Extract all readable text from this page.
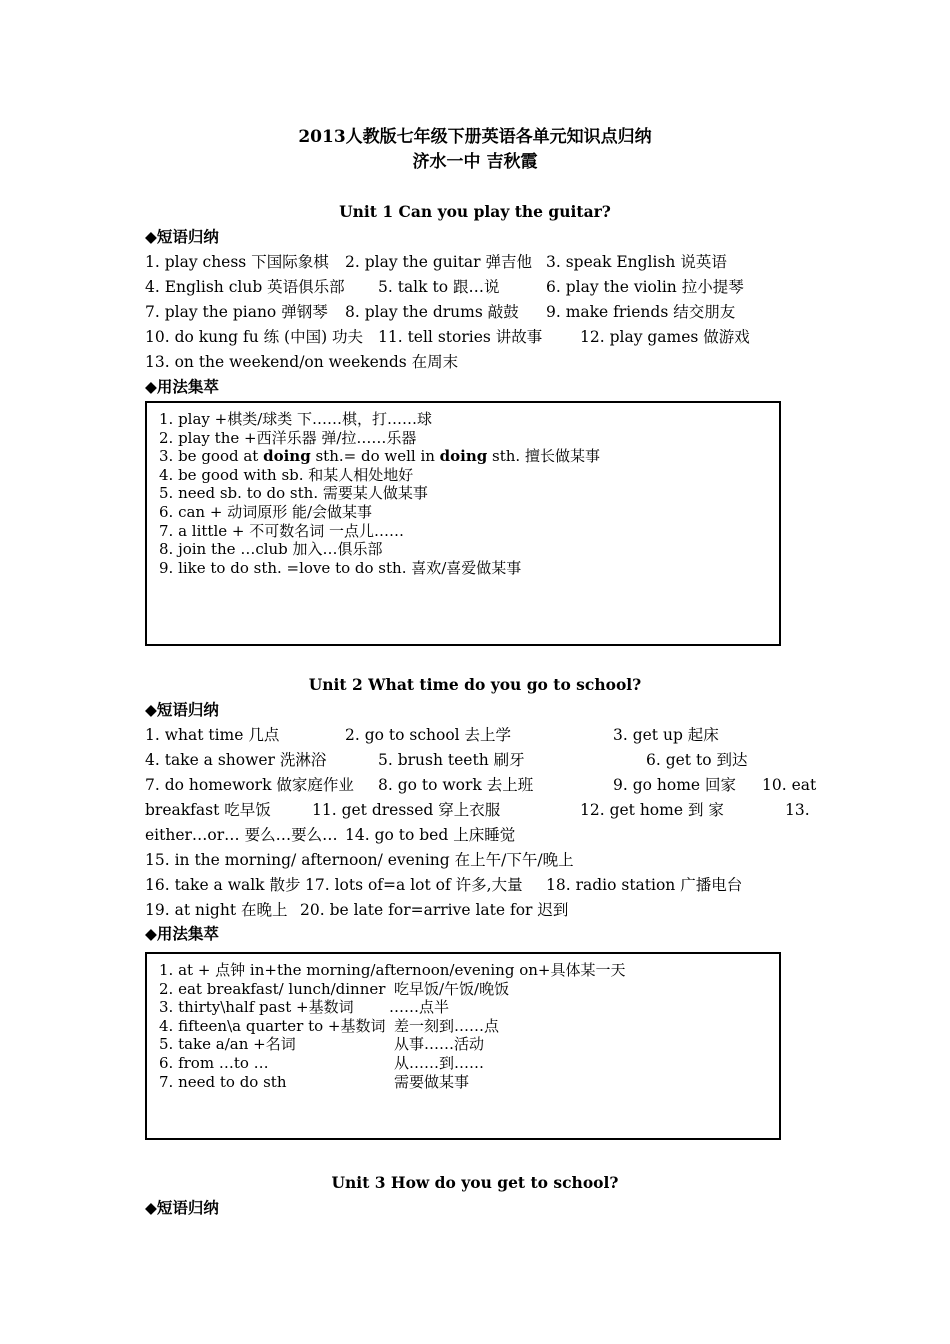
2013人教版七年级下册英语各单元知识点归纳
济水一中 吉秋霞
Unit 1 Can you play the guitar?
◆短语归纳
1. play chess 下国际象棋 2. play the guitar 弹吉他 3. speak English 说英语
4. English club 英语俱乐部 5. talk to 跟…说	6. play the violin 拉小提琴
7. play the piano 弹钢琴 8. play the drums 敲鼓 9. make friends 结交朋友
10. do kung fu 练 (中国) 功夫 11. tell stories 讲故事 12. play games 做游戏
13. on the weekend/on weekends 在周末
◆用法集萃
1. play +棋类/球类 下……棋，打……球
2. play the +西洋乐器 弹/拉……乐器
3. be good at doing sth.= do well in doing sth. 擅长做某事
4. be good with sb. 和某人相处地好
5. need sb. to do sth. 需要某人做某事
6. can + 动词原形 能/会做某事
7. a little + 不可数名词 一点儿……
8. join the …club 加入…俱乐部
9. like to do sth. =love to do sth. 喜欢/喜爱做某事
Unit 2 What time do you go to school?
◆短语归纳
1. what time 几点	2. go to school 去上学	3. get up 起床
4. take a shower 洗淋浴	5. brush teeth 刷牙	6. get to 到达
7. do homework 做家庭作业 8. go to work 去上班	9. go home 回家 10. eat
breakfast 吃早饭	11. get dressed 穿上衣服	12. get home 到 家	13.
either…or… 要么…要么… 14. go to bed 上床睡觉
15. in the morning/ afternoon/ evening 在上午/下午/晚上
16. take a walk 散步 17. lots of=a lot of 许多,大量 18. radio station 广播电台
19. at night 在晚上 20. be late for=arrive late for 迟到
◆用法集萃
1. at + 点钟 in+the morning/afternoon/evening on+具体某一天
2. eat breakfast/ lunch/dinner 吃早饭/午饭/晚饭
3. thirty\half past +基数词 ……点半
4. fifteen\a quarter to +基数词 差一刻到……点
5. take a/an +名词	从事……活动
6. from …to …	从……到……
7. need to do sth	需要做某事
Unit 3 How do you get to school?
◆短语归纳
